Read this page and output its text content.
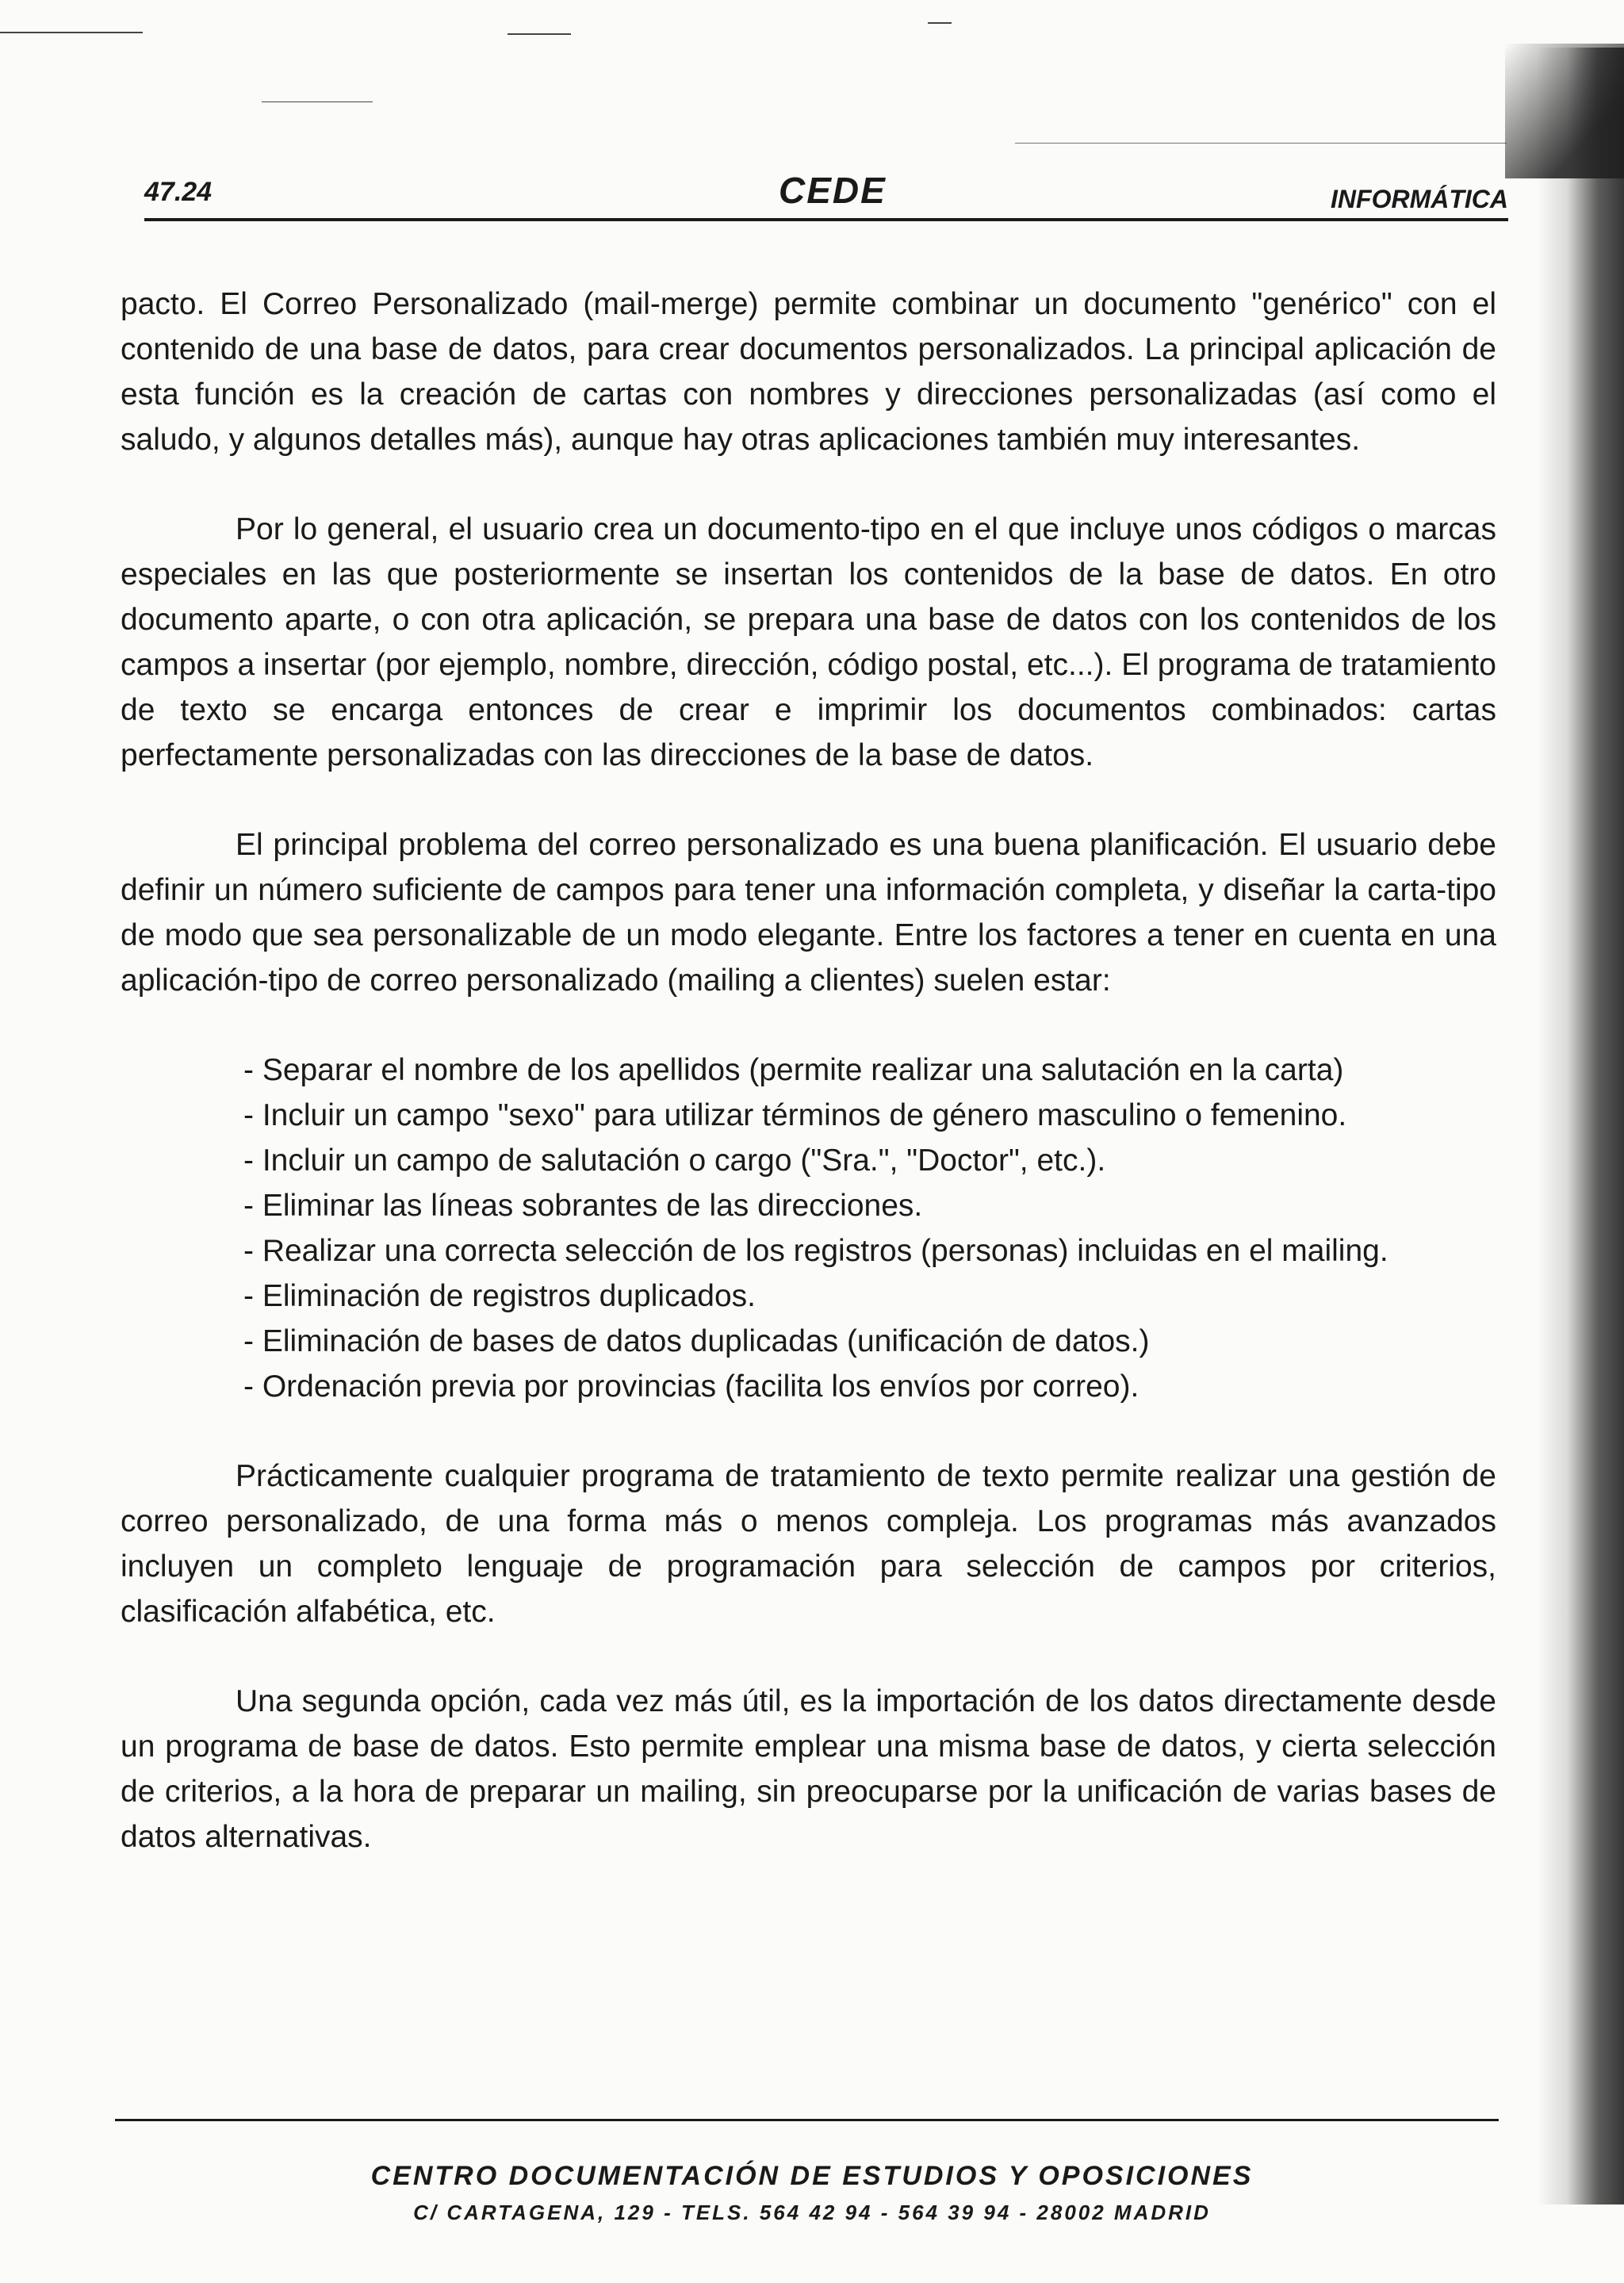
47.24	CEDE	INFORMÁTICA

pacto. El Correo Personalizado (mail-merge) permite combinar un documento "genérico" con el contenido de una base de datos, para crear documentos personalizados. La principal aplicación de esta función es la creación de cartas con nombres y direcciones personalizadas (así como el saludo, y algunos detalles más), aunque hay otras aplicaciones también muy interesantes.

Por lo general, el usuario crea un documento-tipo en el que incluye unos códigos o marcas especiales en las que posteriormente se insertan los contenidos de la base de datos. En otro documento aparte, o con otra aplicación, se prepara una base de datos con los contenidos de los campos a insertar (por ejemplo, nombre, dirección, código postal, etc...). El programa de tratamiento de texto se encarga entonces de crear e imprimir los documentos combinados: cartas perfectamente personalizadas con las direcciones de la base de datos.

El principal problema del correo personalizado es una buena planificación. El usuario debe definir un número suficiente de campos para tener una información completa, y diseñar la carta-tipo de modo que sea personalizable de un modo elegante. Entre los factores a tener en cuenta en una aplicación-tipo de correo personalizado (mailing a clientes) suelen estar:

- Separar el nombre de los apellidos (permite realizar una salutación en la carta)
- Incluir un campo "sexo" para utilizar términos de género masculino o femenino.
- Incluir un campo de salutación o cargo ("Sra.", "Doctor", etc.).
- Eliminar las líneas sobrantes de las direcciones.
- Realizar una correcta selección de los registros (personas) incluidas en el mailing.
- Eliminación de registros duplicados.
- Eliminación de bases de datos duplicadas (unificación de datos.)
- Ordenación previa por provincias (facilita los envíos por correo).

Prácticamente cualquier programa de tratamiento de texto permite realizar una gestión de correo personalizado, de una forma más o menos compleja. Los programas más avanzados incluyen un completo lenguaje de programación para selección de campos por criterios, clasificación alfabética, etc.

Una segunda opción, cada vez más útil, es la importación de los datos directamente desde un programa de base de datos. Esto permite emplear una misma base de datos, y cierta selección de criterios, a la hora de preparar un mailing, sin preocuparse por la unificación de varias bases de datos alternativas.

CENTRO DOCUMENTACIÓN DE ESTUDIOS Y OPOSICIONES
C/ CARTAGENA, 129 - TELS. 564 42 94 - 564 39 94 - 28002 MADRID
